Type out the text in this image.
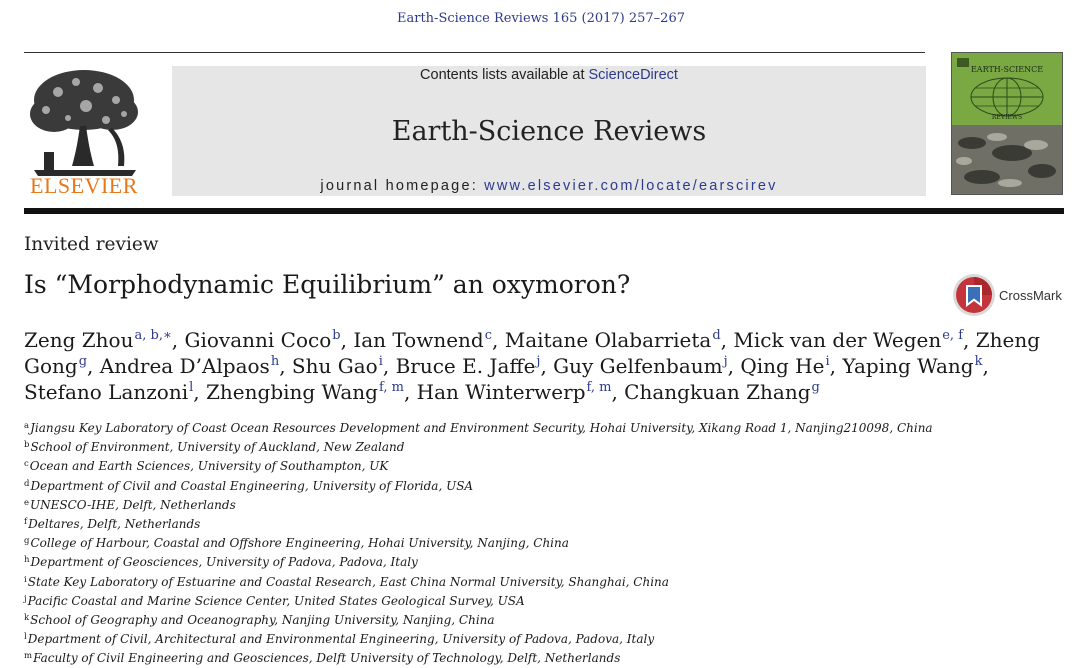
Earth-Science Reviews 165 (2017) 257–267
ELSEVIER
Contents lists available at ScienceDirect
Earth-Science Reviews
journal homepage: www.elsevier.com/locate/earscirev
EARTH-SCIENCE
REVIEWS
Invited review
Is “Morphodynamic Equilibrium” an oxymoron?	CrossMark
Zeng Zhou$^{a, b,∗}$, Giovanni Coco$^b$, Ian Townend$^c$, Maitane Olabarrieta$^d$, Mick van der Wegen$^{e, f}$, Zheng Gong$^g$, Andrea D’Alpaos$^h$, Shu Gao$^i$, Bruce E. Jaffe$^j$, Guy Gelfenbaum$^j$, Qing He$^i$, Yaping Wang$^k$, Stefano Lanzoni$^l$, Zhengbing Wang$^{f, m}$, Han Winterwerp$^{f, m}$, Changkuan Zhang$^g$
$^a$Jiangsu Key Laboratory of Coast Ocean Resources Development and Environment Security, Hohai University, Xikang Road 1, Nanjing210098, China
$^b$School of Environment, University of Auckland, New Zealand
$^c$Ocean and Earth Sciences, University of Southampton, UK
$^d$Department of Civil and Coastal Engineering, University of Florida, USA
$^e$UNESCO-IHE, Delft, Netherlands
$^f$Deltares, Delft, Netherlands
$^g$College of Harbour, Coastal and Offshore Engineering, Hohai University, Nanjing, China
$^h$Department of Geosciences, University of Padova, Padova, Italy
$^i$State Key Laboratory of Estuarine and Coastal Research, East China Normal University, Shanghai, China
$^j$Pacific Coastal and Marine Science Center, United States Geological Survey, USA
$^k$School of Geography and Oceanography, Nanjing University, Nanjing, China
$^l$Department of Civil, Architectural and Environmental Engineering, University of Padova, Padova, Italy
$^m$Faculty of Civil Engineering and Geosciences, Delft University of Technology, Delft, Netherlands
